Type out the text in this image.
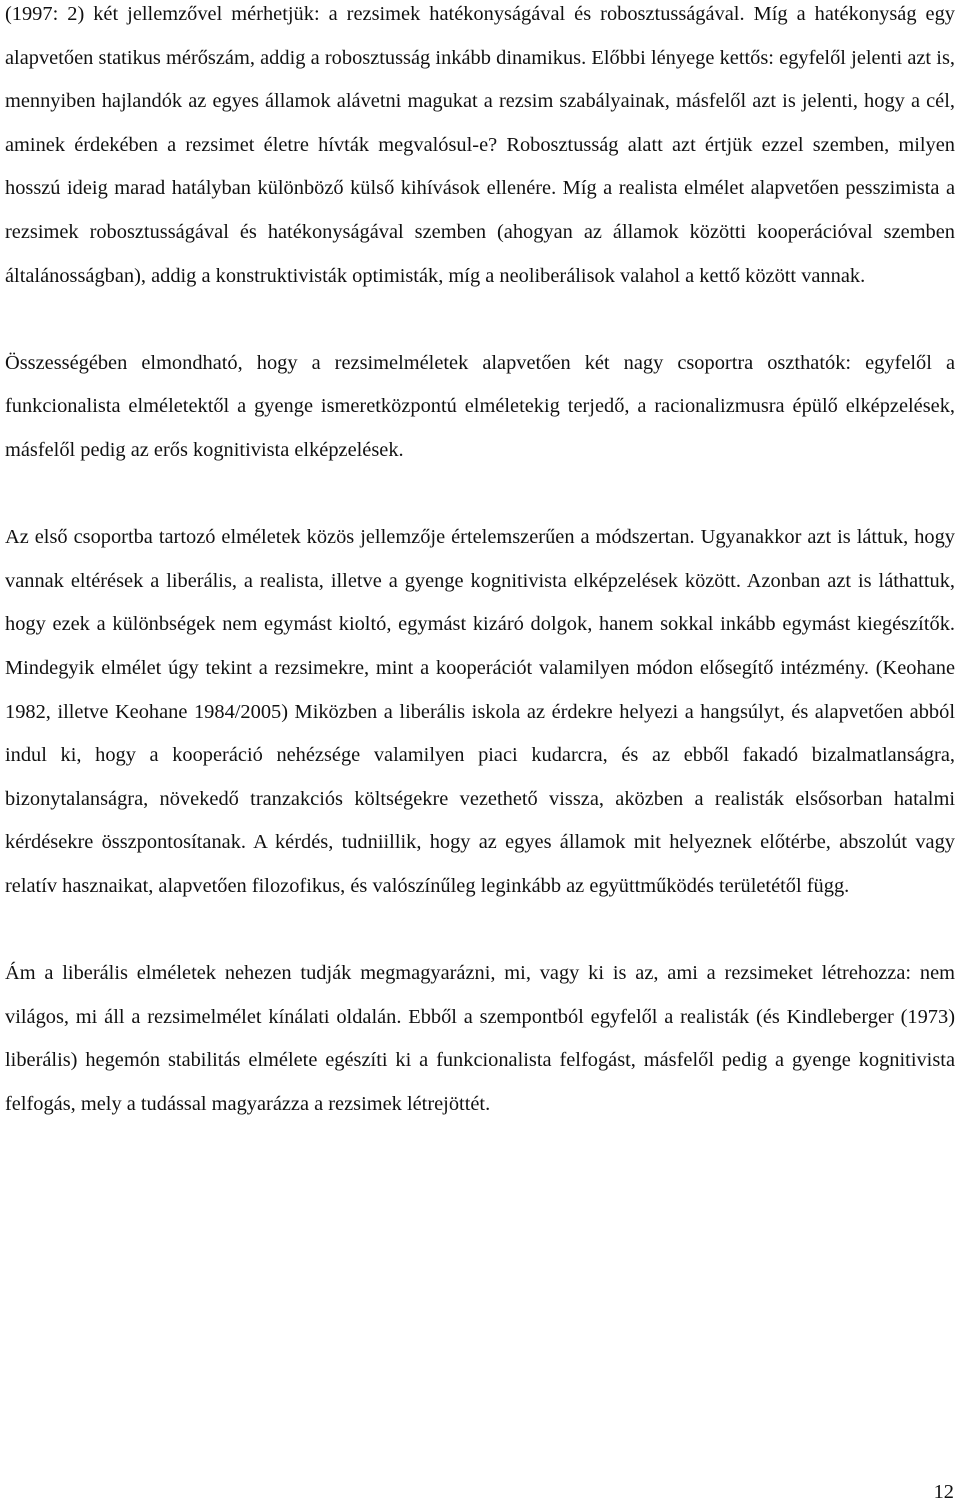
(1997: 2) két jellemzővel mérhetjük: a rezsimek hatékonyságával és robosztusságával. Míg a hatékonyság egy alapvetően statikus mérőszám, addig a robosztusság inkább dinamikus. Előbbi lényege kettős: egyfelől jelenti azt is, mennyiben hajlandók az egyes államok alávetni magukat a rezsim szabályainak, másfelől azt is jelenti, hogy a cél, aminek érdekében a rezsimet életre hívták megvalósul-e? Robosztusság alatt azt értjük ezzel szemben, milyen hosszú ideig marad hatályban különböző külső kihívások ellenére. Míg a realista elmélet alapvetően pesszimista a rezsimek robosztusságával és hatékonyságával szemben (ahogyan az államok közötti kooperációval szemben általánosságban), addig a konstruktivisták optimisták, míg a neoliberálisok valahol a kettő között vannak.

Összességében elmondható, hogy a rezsimelméletek alapvetően két nagy csoportra oszthatók: egyfelől a funkcionalista elméletektől a gyenge ismeretközpontú elméletekig terjedő, a racionalizmusra épülő elképzelések, másfelől pedig az erős kognitivista elképzelések.

Az első csoportba tartozó elméletek közös jellemzője értelemszerűen a módszertan. Ugyanakkor azt is láttuk, hogy vannak eltérések a liberális, a realista, illetve a gyenge kognitivista elképzelések között. Azonban azt is láthattuk, hogy ezek a különbségek nem egymást kioltó, egymást kizáró dolgok, hanem sokkal inkább egymást kiegészítők. Mindegyik elmélet úgy tekint a rezsimekre, mint a kooperációt valamilyen módon elősegítő intézmény. (Keohane 1982, illetve Keohane 1984/2005) Miközben a liberális iskola az érdekre helyezi a hangsúlyt, és alapvetően abból indul ki, hogy a kooperáció nehézsége valamilyen piaci kudarcra, és az ebből fakadó bizalmatlanságra, bizonytalanságra, növekedő tranzakciós költségekre vezethető vissza, aközben a realisták elsősorban hatalmi kérdésekre összpontosítanak. A kérdés, tudniillik, hogy az egyes államok mit helyeznek előtérbe, abszolút vagy relatív hasznaikat, alapvetően filozofikus, és valószínűleg leginkább az együttműködés területétől függ.

Ám a liberális elméletek nehezen tudják megmagyarázni, mi, vagy ki is az, ami a rezsimeket létrehozza: nem világos, mi áll a rezsimelmélet kínálati oldalán. Ebből a szempontból egyfelől a realisták (és Kindleberger (1973) liberális) hegemón stabilitás elmélete egészíti ki a funkcionalista felfogást, másfelől pedig a gyenge kognitivista felfogás, mely a tudással magyarázza a rezsimek létrejöttét.

12
